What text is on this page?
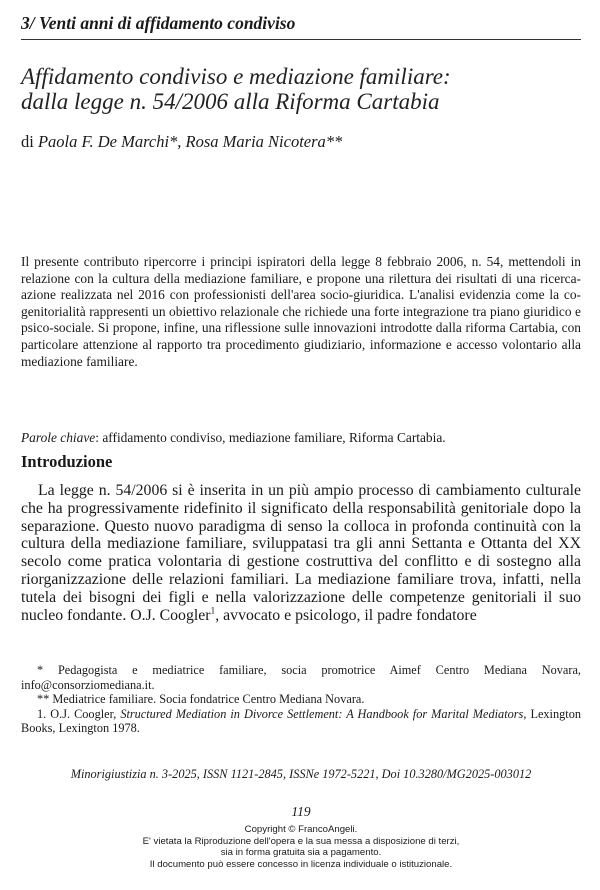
3/ Venti anni di affidamento condiviso
Affidamento condiviso e mediazione familiare:
dalla legge n. 54/2006 alla Riforma Cartabia
di Paola F. De Marchi*, Rosa Maria Nicotera**

Il presente contributo ripercorre i principi ispiratori della legge 8 febbraio 2006, n. 54, mettendoli in relazione con la cultura della mediazione familiare, e propone una rilettura dei risultati di una ricerca-azione realizzata nel 2016 con professionisti dell'area socio-giuridica. L'analisi evidenzia come la co-genitorialità rappresenti un obiettivo relazionale che richiede una forte integrazione tra piano giuridico e psico-sociale. Si propone, infine, una riflessione sulle innovazioni introdotte dalla riforma Cartabia, con particolare attenzione al rapporto tra procedimento giudiziario, informazione e accesso volontario alla mediazione familiare.

Parole chiave: affidamento condiviso, mediazione familiare, Riforma Cartabia.

Introduzione

La legge n. 54/2006 si è inserita in un più ampio processo di cambiamento culturale che ha progressivamente ridefinito il significato della responsabilità genitoriale dopo la separazione. Questo nuovo paradigma di senso la colloca in profonda continuità con la cultura della mediazione familiare, sviluppatasi tra gli anni Settanta e Ottanta del XX secolo come pratica volontaria di gestione costruttiva del conflitto e di sostegno alla riorganizzazione delle relazioni familiari. La mediazione familiare trova, infatti, nella tutela dei bisogni dei figli e nella valorizzazione delle competenze genitoriali il suo nucleo fondante. O.J. Coogler$^1$, avvocato e psicologo, il padre fondatore

* Pedagogista e mediatrice familiare, socia promotrice Aimef Centro Mediana Novara, info@consorziomediana.it.

** Mediatrice familiare. Socia fondatrice Centro Mediana Novara.

1. O.J. Coogler, Structured Mediation in Divorce Settlement: A Handbook for Marital Mediators, Lexington Books, Lexington 1978.

Minorigiustizia n. 3-2025, ISSN 1121-2845, ISSNe 1972-5221, Doi 10.3280/MG2025-003012

119

Copyright © FrancoAngeli.

E' vietata la Riproduzione dell'opera e la sua messa a disposizione di terzi,

sia in forma gratuita sia a pagamento.

Il documento può essere concesso in licenza individuale o istituzionale.
